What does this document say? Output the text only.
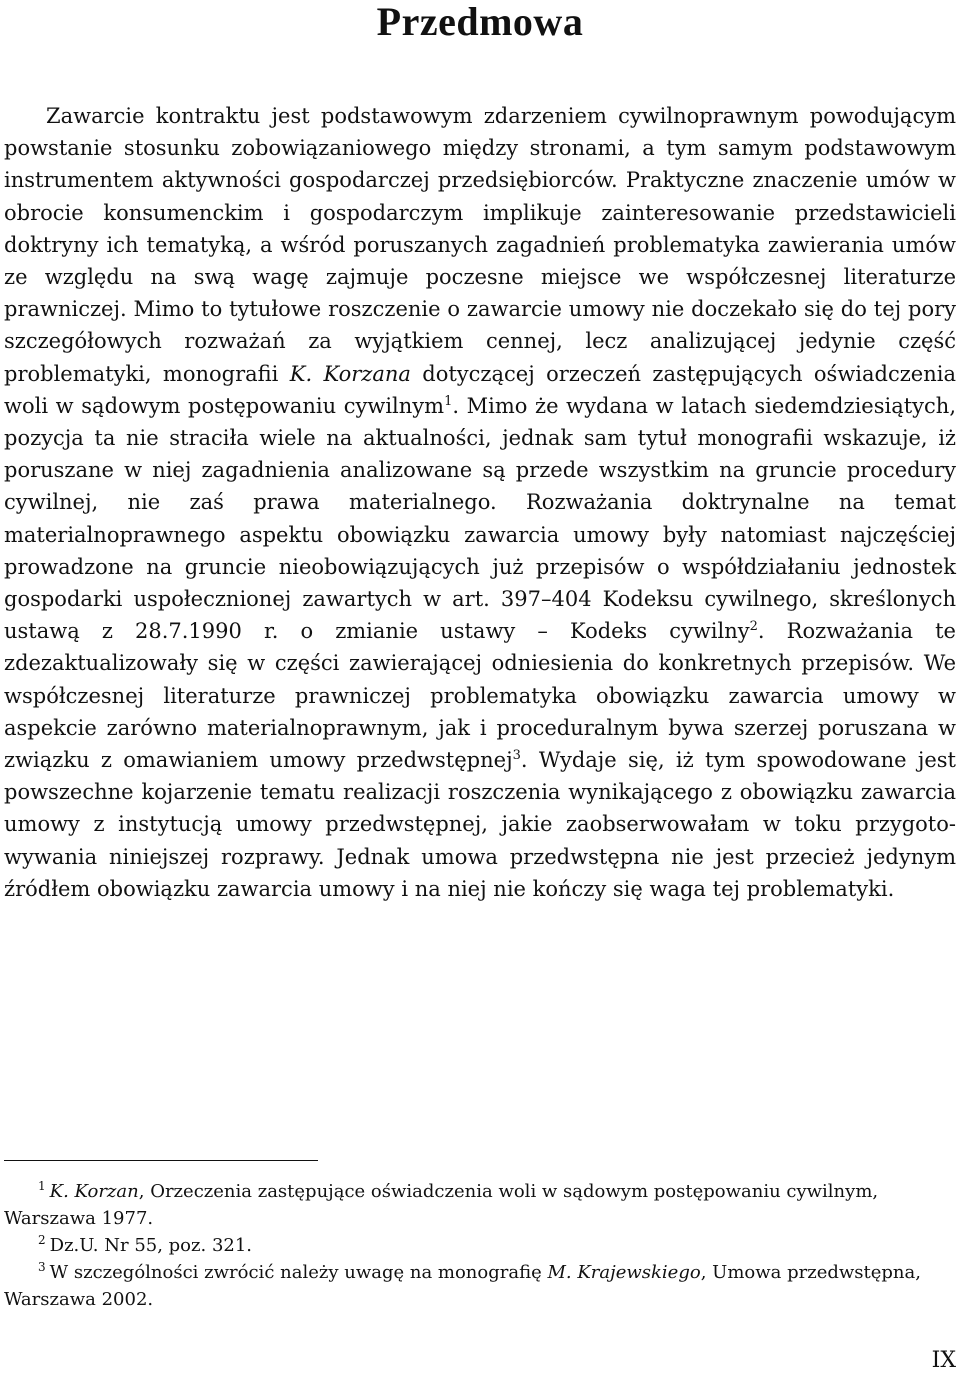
Przedmowa

Zawarcie kontraktu jest podstawowym zdarzeniem cywilnoprawnym powodującym powstanie stosunku zobowiązaniowego między stronami, a tym samym podstawowym instrumentem aktywności gospodarczej przedsiębiorców. Praktyczne znaczenie umów w obrocie konsumenckim i gospodarczym implikuje zainteresowanie przedstawicieli doktryny ich tematyką, a wśród poruszanych zagadnień problematyka zawierania umów ze względu na swą wagę zajmuje poczesne miejsce we współczesnej literaturze prawniczej. Mimo to tytułowe roszczenie o zawarcie umowy nie doczekało się do tej pory szczegółowych rozważań za wyjątkiem cennej, lecz analizującej jedynie część problematyki, monografii K. Korzana dotyczącej orzeczeń zastępujących oświadczenia woli w sądowym postępowaniu cywilnym$^1$. Mimo że wydana w latach siedemdziesiątych, pozycja ta nie straciła wiele na aktualności, jednak sam tytuł monografii wskazuje, iż poruszane w niej zagadnienia analizowane są przede wszystkim na gruncie procedury cywilnej, nie zaś prawa materialnego. Rozważania doktrynalne na temat materialnoprawnego aspektu obowiązku zawarcia umowy były natomiast najczęściej prowadzone na gruncie nieobowiązujących już przepisów o współdziałaniu jednostek gospodarki uspołecznionej zawartych w art. 397–404 Kodeksu cywilnego, skreślonych ustawą z 28.7.1990 r. o zmianie ustawy – Kodeks cywilny$^2$. Rozważania te zdezaktualizowały się w części zawierającej odniesienia do konkretnych przepisów. We współczesnej literaturze prawniczej problematyka obowiązku zawarcia umowy w aspekcie zarówno materialnoprawnym, jak i proceduralnym bywa szerzej poruszana w związku z omawianiem umowy przedwstępnej$^3$. Wydaje się, iż tym spowodowane jest powszechne kojarzenie tematu realizacji roszczenia wynikającego z obowiązku zawarcia umowy z instytucją umowy przedwstępnej, jakie zaobserwowałam w toku przygotowywania niniejszej rozprawy. Jednak umowa przedwstępna nie jest przecież jedynym źródłem obowiązku zawarcia umowy i na niej nie kończy się waga tej problematyki.

$^1$ K. Korzan, Orzeczenia zastępujące oświadczenia woli w sądowym postępowaniu cywilnym, Warszawa 1977.

$^2$ Dz.U. Nr 55, poz. 321.

$^3$ W szczególności zwrócić należy uwagę na monografię M. Krajewskiego, Umowa przedwstępna, Warszawa 2002.

IX
